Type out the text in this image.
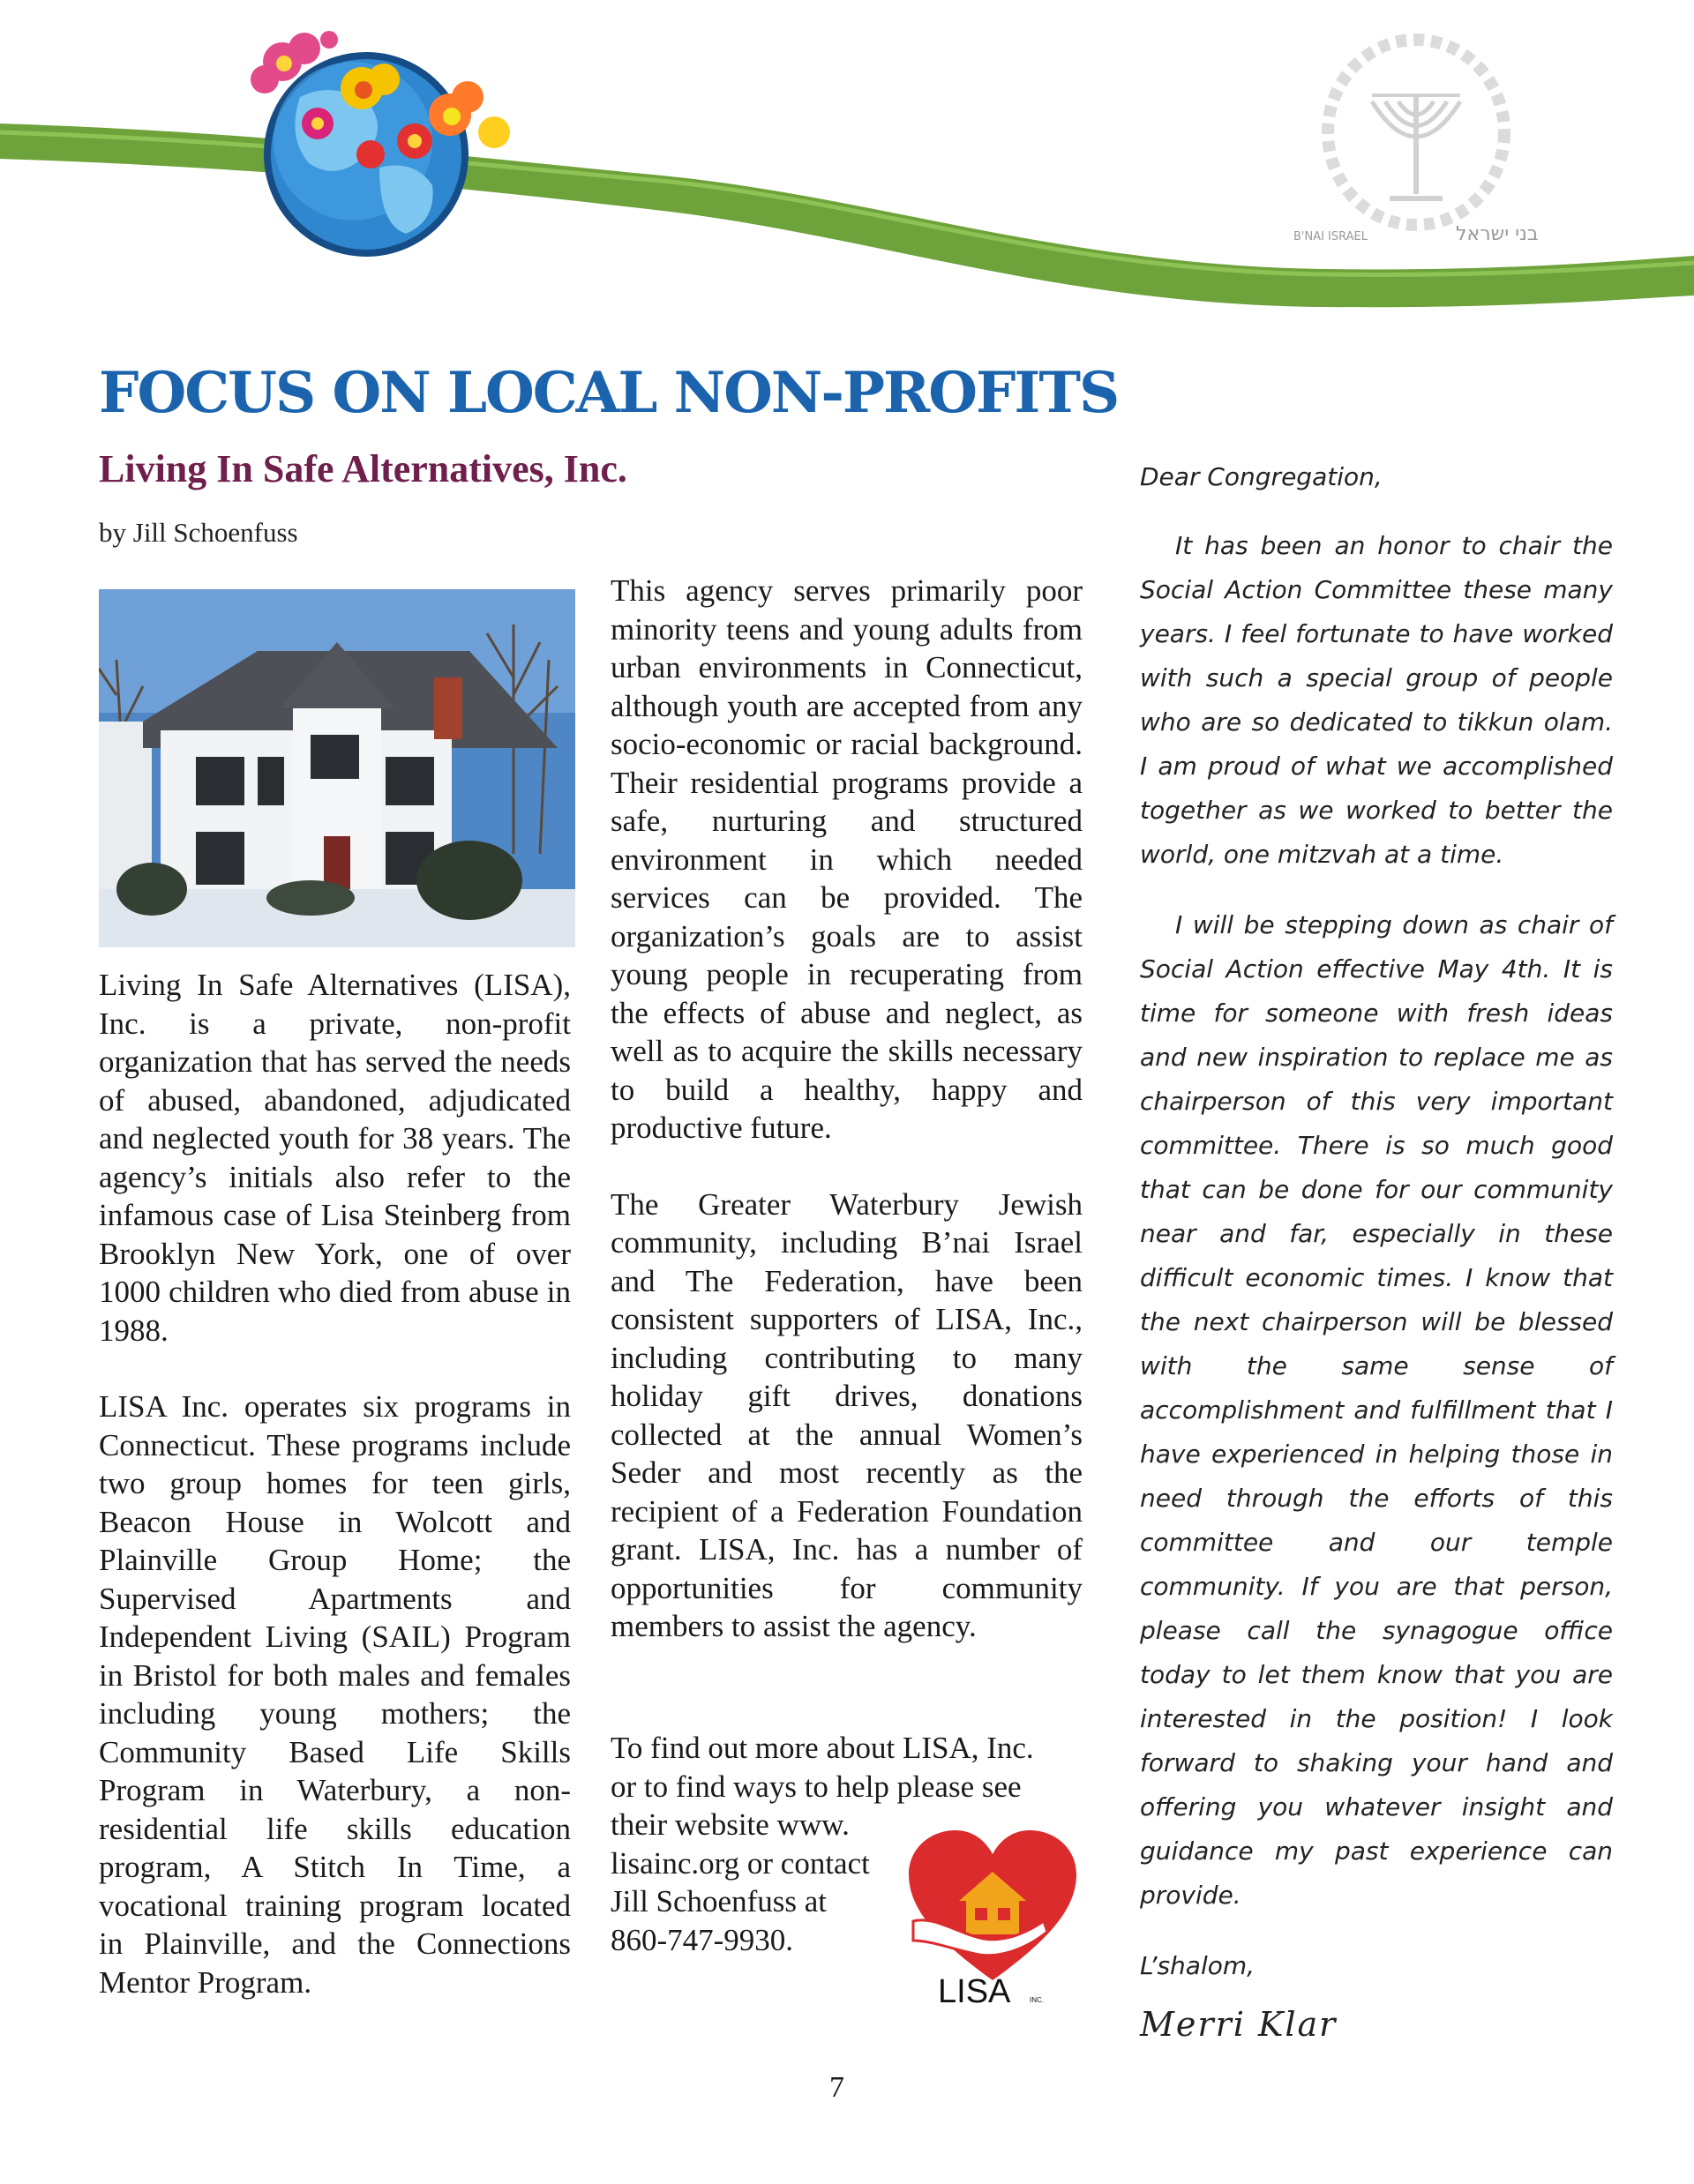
B'NAI ISRAEL	בני ישראל
FOCUS ON LOCAL NON-PROFITS
Living In Safe Alternatives, Inc.
by Jill Schoenfuss

Living In Safe Alternatives (LISA), Inc. is a private, non-profit organization that has served the needs of abused, abandoned, adjudicated and neglected youth for 38 years. The agency’s initials also refer to the infamous case of Lisa Steinberg from Brooklyn New York, one of over 1000 children who died from abuse in 1988.

LISA Inc. operates six programs in Connecticut. These programs include two group homes for teen girls, Beacon House in Wolcott and Plainville Group Home; the Supervised Apartments and Independent Living (SAIL) Program in Bristol for both males and females including young mothers; the Community Based Life Skills Program in Waterbury, a non-residential life skills education program, A Stitch In Time, a vocational training program located in Plainville, and the Connections Mentor Program.

This agency serves primarily poor minority teens and young adults from urban environments in Connecticut, although youth are accepted from any socio-economic or racial background. Their residential programs provide a safe, nurturing and structured environment in which needed services can be provided. The organization’s goals are to assist young people in recuperating from the effects of abuse and neglect, as well as to acquire the skills necessary to build a healthy, happy and productive future.

The Greater Waterbury Jewish community, including B’nai Israel and The Federation, have been consistent supporters of LISA, Inc., including contributing to many holiday gift drives, donations collected at the annual Women’s Seder and most recently as the recipient of a Federation Foundation grant. LISA, Inc. has a number of opportunities for community members to assist the agency.

To find out more about LISA, Inc.
or to find ways to help please see
their website www.
lisainc.org or contact
Jill Schoenfuss at
860-747-9930.
LISA	INC.
Dear Congregation,

It has been an honor to chair the Social Action Committee these many years. I feel fortunate to have worked with such a special group of people who are so dedicated to tikkun olam. I am proud of what we accomplished together as we worked to better the world, one mitzvah at a time.

I will be stepping down as chair of Social Action effective May 4th. It is time for someone with fresh ideas and new inspiration to replace me as chairperson of this very important committee. There is so much good that can be done for our community near and far, especially in these difficult economic times. I know that the next chairperson will be blessed with the same sense of accomplishment and fulfillment that I have experienced in helping those in need through the efforts of this committee and our temple community. If you are that person, please call the synagogue office today to let them know that you are interested in the position! I look forward to shaking your hand and offering you whatever insight and guidance my past experience can provide.

L’shalom,
Merri Klar
7
